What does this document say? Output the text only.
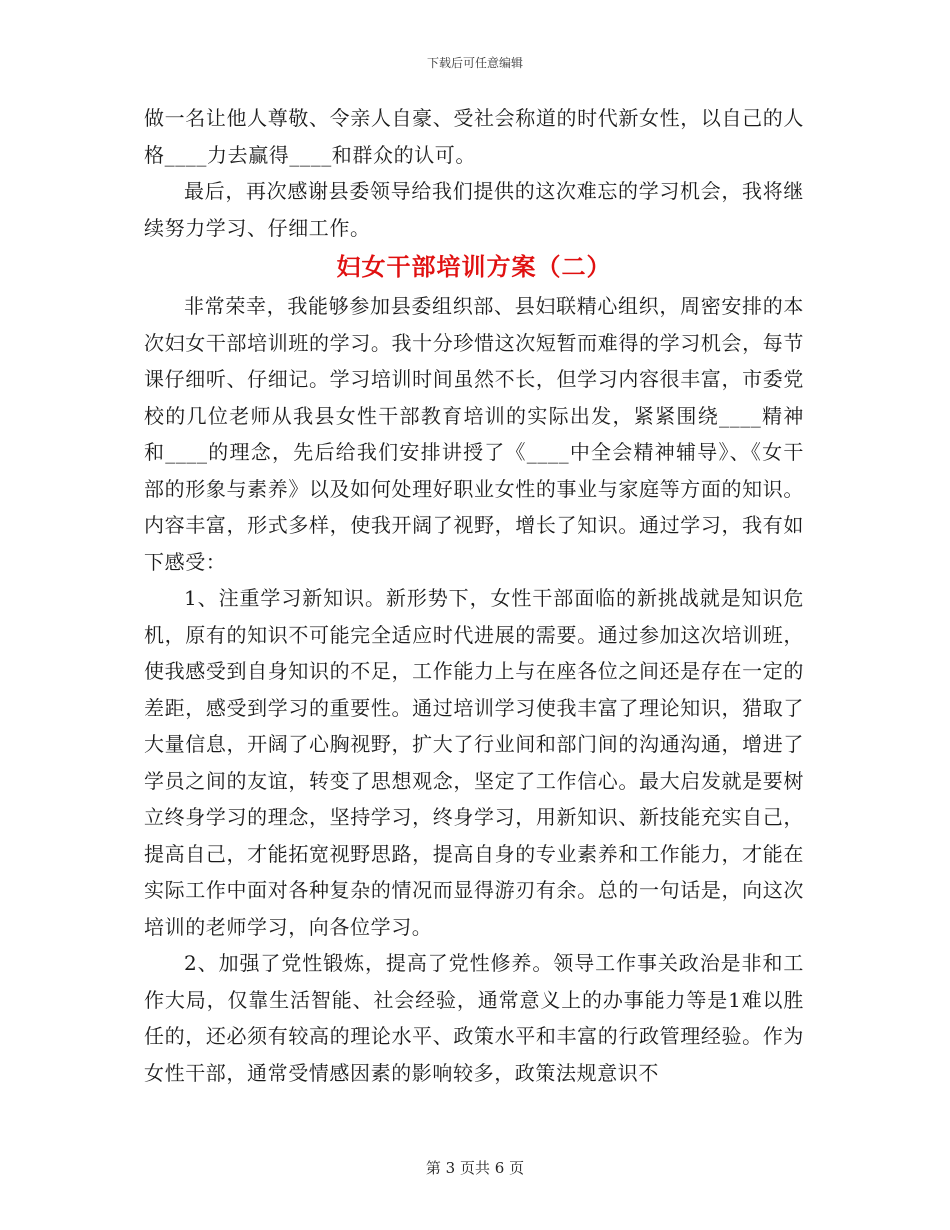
下载后可任意编辑

做一名让他人尊敬、令亲人自豪、受社会称道的时代新女性，以自己的人格____力去赢得____和群众的认可。

最后，再次感谢县委领导给我们提供的这次难忘的学习机会，我将继续努力学习、仔细工作。

妇女干部培训方案（二）

非常荣幸，我能够参加县委组织部、县妇联精心组织，周密安排的本次妇女干部培训班的学习。我十分珍惜这次短暂而难得的学习机会，每节课仔细听、仔细记。学习培训时间虽然不长，但学习内容很丰富，市委党校的几位老师从我县女性干部教育培训的实际出发，紧紧围绕____精神和____的理念，先后给我们安排讲授了《____中全会精神辅导》、《女干部的形象与素养》以及如何处理好职业女性的事业与家庭等方面的知识。内容丰富，形式多样，使我开阔了视野，增长了知识。通过学习，我有如下感受：

1、注重学习新知识。新形势下，女性干部面临的新挑战就是知识危机，原有的知识不可能完全适应时代进展的需要。通过参加这次培训班，使我感受到自身知识的不足，工作能力上与在座各位之间还是存在一定的差距，感受到学习的重要性。通过培训学习使我丰富了理论知识，猎取了大量信息，开阔了心胸视野，扩大了行业间和部门间的沟通沟通，增进了学员之间的友谊，转变了思想观念，坚定了工作信心。最大启发就是要树立终身学习的理念，坚持学习，终身学习，用新知识、新技能充实自己，提高自己，才能拓宽视野思路，提高自身的专业素养和工作能力，才能在实际工作中面对各种复杂的情况而显得游刃有余。总的一句话是，向这次培训的老师学习，向各位学习。

2、加强了党性锻炼，提高了党性修养。领导工作事关政治是非和工作大局，仅靠生活智能、社会经验，通常意义上的办事能力等是1难以胜任的，还必须有较高的理论水平、政策水平和丰富的行政管理经验。作为女性干部，通常受情感因素的影响较多，政策法规意识不

第 3 页共 6 页
